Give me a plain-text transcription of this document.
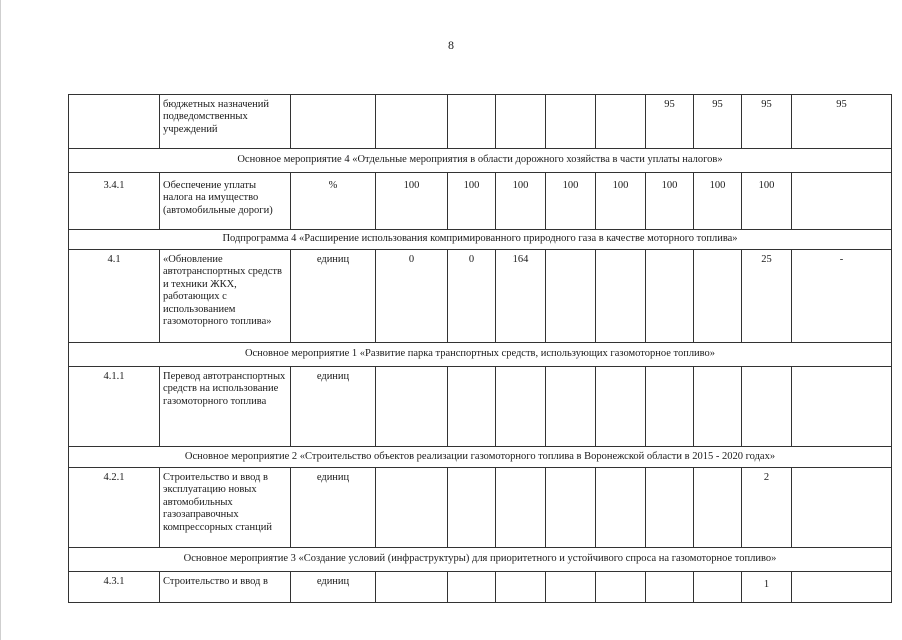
8
	бюджетных назначений подведомственных учреждений							95	95	95	95
Основное мероприятие 4 «Отдельные мероприятия в области дорожного хозяйства в части уплаты налогов»											
3.4.1	Обеспечение уплаты налога на имущество (автомобильные дороги)	%	100	100	100	100	100	100	100	100	
Подпрограмма 4 «Расширение использования компримированного природного газа в качестве моторного топлива»											
4.1	«Обновление автотранспортных средств и техники ЖКХ, работающих с использованием газомоторного топлива»	единиц	0	0	164					25	-
Основное мероприятие 1 «Развитие парка транспортных средств, использующих газомоторное топливо»											
4.1.1	Перевод автотранспортных средств на использование газомоторного топлива	единиц									
Основное мероприятие 2 «Строительство объектов реализации газомоторного топлива в Воронежской области в 2015 - 2020 годах»											
4.2.1	Строительство и ввод в эксплуатацию новых автомобильных газозаправочных компрессорных станций	единиц								2	
Основное мероприятие 3 «Создание условий (инфраструктуры) для приоритетного и устойчивого спроса на газомоторное топливо»											
4.3.1	Строительство и ввод в	единиц								1	
